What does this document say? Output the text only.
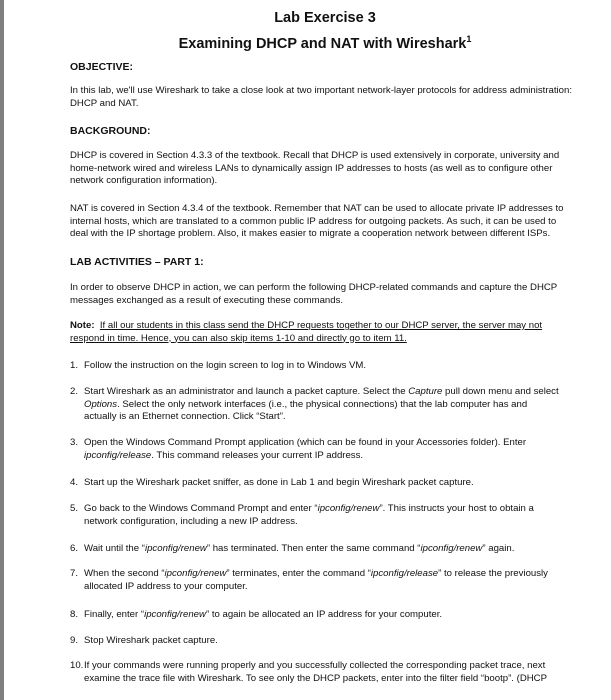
Lab Exercise 3
Examining DHCP and NAT with Wireshark$^1$
OBJECTIVE:
In this lab, we'll use Wireshark to take a close look at two important network-layer protocols for address administration: DHCP and NAT.
BACKGROUND:
DHCP is covered in Section 4.3.3 of the textbook. Recall that DHCP is used extensively in corporate, university and home-network wired and wireless LANs to dynamically assign IP addresses to hosts (as well as to configure other network configuration information).
NAT is covered in Section 4.3.4 of the textbook. Remember that NAT can be used to allocate private IP addresses to internal hosts, which are translated to a common public IP address for outgoing packets. As such, it can be used to deal with the IP shortage problem. Also, it makes easier to migrate a cooperation network between different ISPs.
LAB ACTIVITIES – PART 1:
In order to observe DHCP in action, we can perform the following DHCP-related commands and capture the DHCP messages exchanged as a result of executing these commands.
Note: If all our students in this class send the DHCP requests together to our DHCP server, the server may not respond in time. Hence, you can also skip items 1-10 and directly go to item 11.
1. Follow the instruction on the login screen to log in to Windows VM.
2. Start Wireshark as an administrator and launch a packet capture. Select the Capture pull down menu and select Options. Select the only network interfaces (i.e., the physical connections) that the lab computer has and actually is an Ethernet connection. Click “Start”.
3. Open the Windows Command Prompt application (which can be found in your Accessories folder). Enter ipconfig/release. This command releases your current IP address.
4. Start up the Wireshark packet sniffer, as done in Lab 1 and begin Wireshark packet capture.
5. Go back to the Windows Command Prompt and enter “ipconfig/renew”. This instructs your host to obtain a network configuration, including a new IP address.
6. Wait until the “ipconfig/renew” has terminated. Then enter the same command “ipconfig/renew” again.
7. When the second “ipconfig/renew” terminates, enter the command “ipconfig/release” to release the previously allocated IP address to your computer.
8. Finally, enter “ipconfig/renew” to again be allocated an IP address for your computer.
9. Stop Wireshark packet capture.
10. If your commands were running properly and you successfully collected the corresponding packet trace, next examine the trace file with Wireshark. To see only the DHCP packets, enter into the filter field “bootp”. (DHCP
